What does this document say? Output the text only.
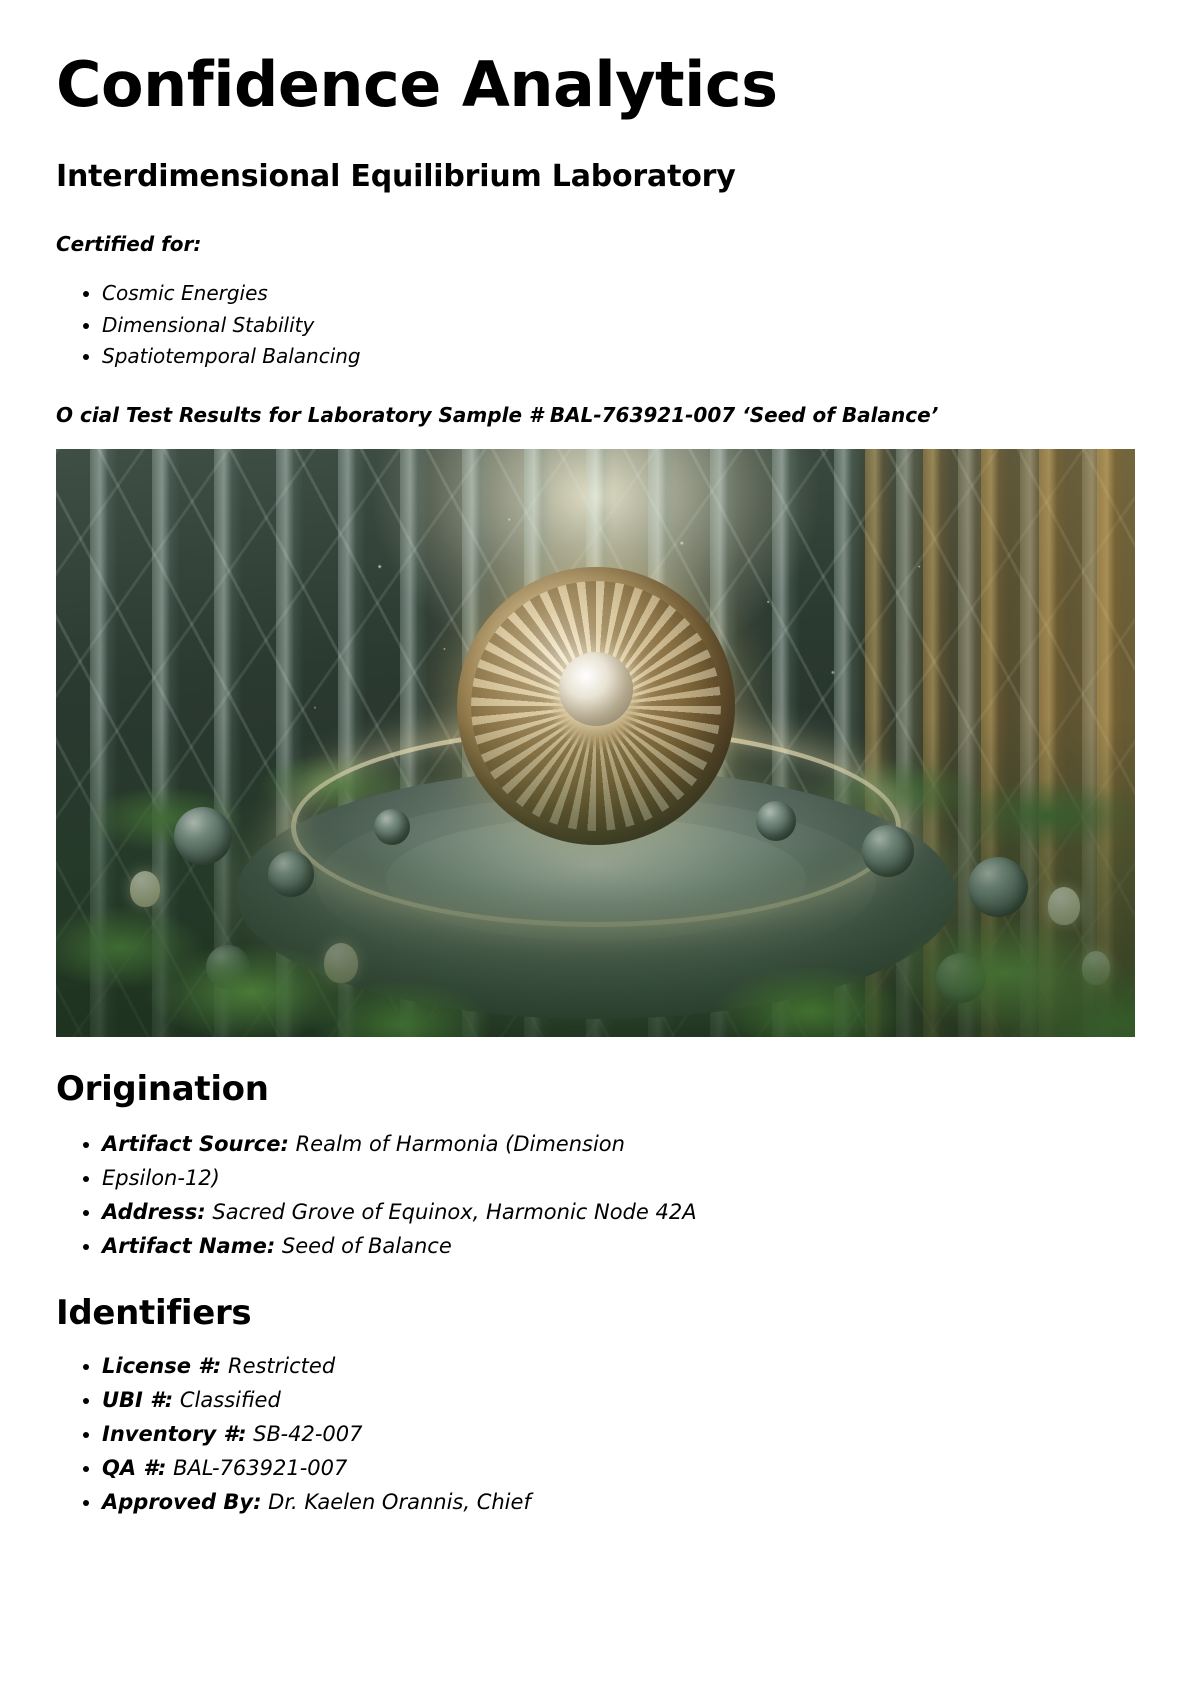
Confidence Analytics
Interdimensional Equilibrium Laboratory

Certified for:

• Cosmic Energies
• Dimensional Stability
• Spatiotemporal Balancing

O cial Test Results for Laboratory Sample # BAL-763921-007 ‘Seed of Balance’

Origination
• Artifact Source: Realm of Harmonia (Dimension
• Epsilon-12)
• Address: Sacred Grove of Equinox, Harmonic Node 42A
• Artifact Name: Seed of Balance
Identifiers
• License #: Restricted
• UBI #: Classified
• Inventory #: SB-42-007
• QA #: BAL-763921-007
• Approved By: Dr. Kaelen Orannis, Chief
